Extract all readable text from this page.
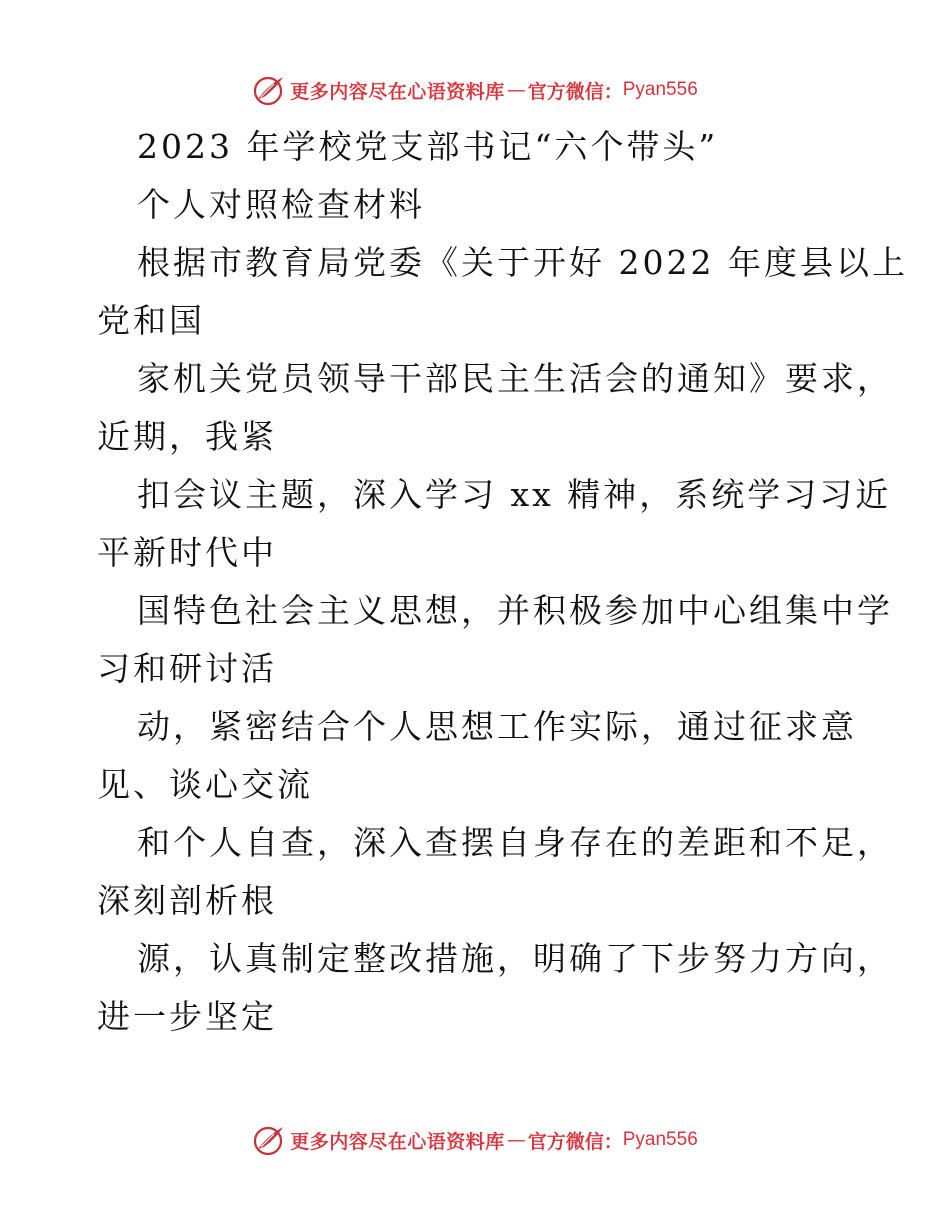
更多内容尽在心语资料库 — 官方微信： Pyan556
2023 年学校党支部书记“六个带头”
个人对照检查材料
根据市教育局党委《关于开好 2022 年度县以上
党和国
家机关党员领导干部民主生活会的通知》要求，
近期，我紧
扣会议主题，深入学习 xx 精神，系统学习习近
平新时代中
国特色社会主义思想，并积极参加中心组集中学
习和研讨活
动，紧密结合个人思想工作实际，通过征求意
见、谈心交流
和个人自查，深入查摆自身存在的差距和不足，
深刻剖析根
源，认真制定整改措施，明确了下步努力方向，
进一步坚定
更多内容尽在心语资料库 — 官方微信： Pyan556
